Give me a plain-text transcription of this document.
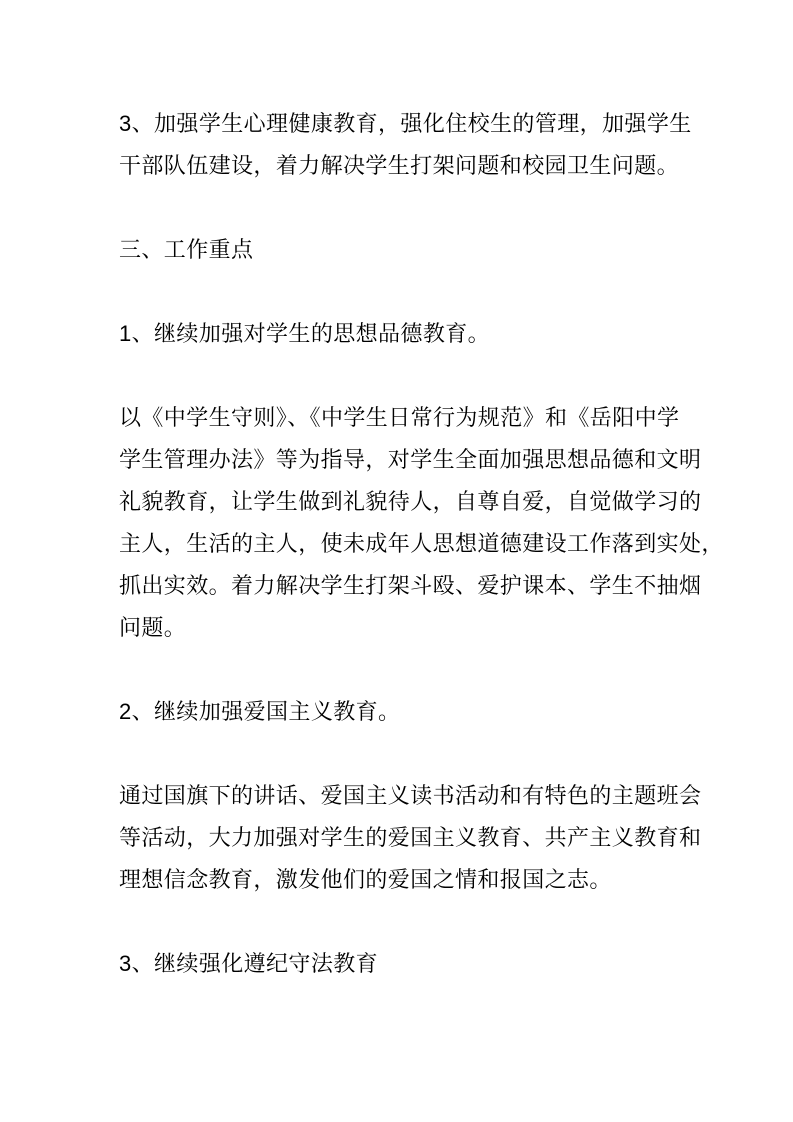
3、加强学生心理健康教育，强化住校生的管理，加强学生
干部队伍建设，着力解决学生打架问题和校园卫生问题。

三、工作重点

1、继续加强对学生的思想品德教育。

以《中学生守则》、《中学生日常行为规范》和《岳阳中学
学生管理办法》等为指导，对学生全面加强思想品德和文明
礼貌教育，让学生做到礼貌待人，自尊自爱，自觉做学习的
主人，生活的主人，使未成年人思想道德建设工作落到实处，
抓出实效。着力解决学生打架斗殴、爱护课本、学生不抽烟
问题。

2、继续加强爱国主义教育。

通过国旗下的讲话、爱国主义读书活动和有特色的主题班会
等活动，大力加强对学生的爱国主义教育、共产主义教育和
理想信念教育，激发他们的爱国之情和报国之志。

3、继续强化遵纪守法教育
